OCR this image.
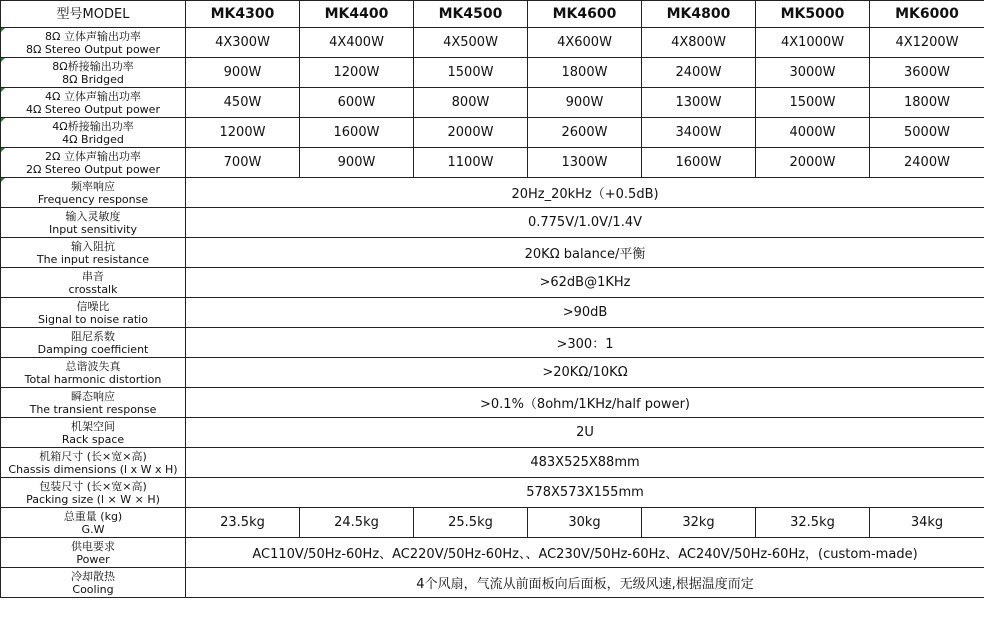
型号MODEL	MK4300	MK4400	MK4500	MK4600	MK4800	MK5000	MK6000

8Ω 立体声输出功率
8Ω Stereo Output power	4X300W	4X400W	4X500W	4X600W	4X800W	4X1000W	4X1200W

8Ω桥接输出功率
8Ω Bridged	900W	1200W	1500W	1800W	2400W	3000W	3600W

4Ω 立体声输出功率
4Ω Stereo Output power	450W	600W	800W	900W	1300W	1500W	1800W

4Ω桥接输出功率
4Ω Bridged	1200W	1600W	2000W	2600W	3400W	4000W	5000W

2Ω 立体声输出功率
2Ω Stereo Output power	700W	900W	1100W	1300W	1600W	2000W	2400W

频率响应
Frequency response	20Hz_20kHz（+0.5dB)						

输入灵敏度
Input sensitivity	0.775V/1.0V/1.4V						

输入阻抗
The input resistance	20KΩ balance/平衡						

串音
crosstalk	>62dB@1KHz						

信噪比
Signal to noise ratio	>90dB						

阻尼系数
Damping coefficient	>300：1						

总谐波失真
Total harmonic distortion	>20KΩ/10KΩ						

瞬态响应
The transient response	>0.1%（8ohm/1KHz/half power)						

机架空间
Rack space	2U						

机箱尺寸 (长×宽×高)
Chassis dimensions (l x W x H)	483X525X88mm						

包装尺寸 (长×宽×高)
Packing size (l × W × H)	578X573X155mm						

总重量 (kg)
G.W	23.5kg	24.5kg	25.5kg	30kg	32kg	32.5kg	34kg

供电要求
Power	AC110V/50Hz-60Hz、AC220V/50Hz-60Hz、、AC230V/50Hz-60Hz、AC240V/50Hz-60Hz，(custom-made)						

冷却散热
Cooling	4个风扇，气流从前面板向后面板，无级风速,根据温度而定						
